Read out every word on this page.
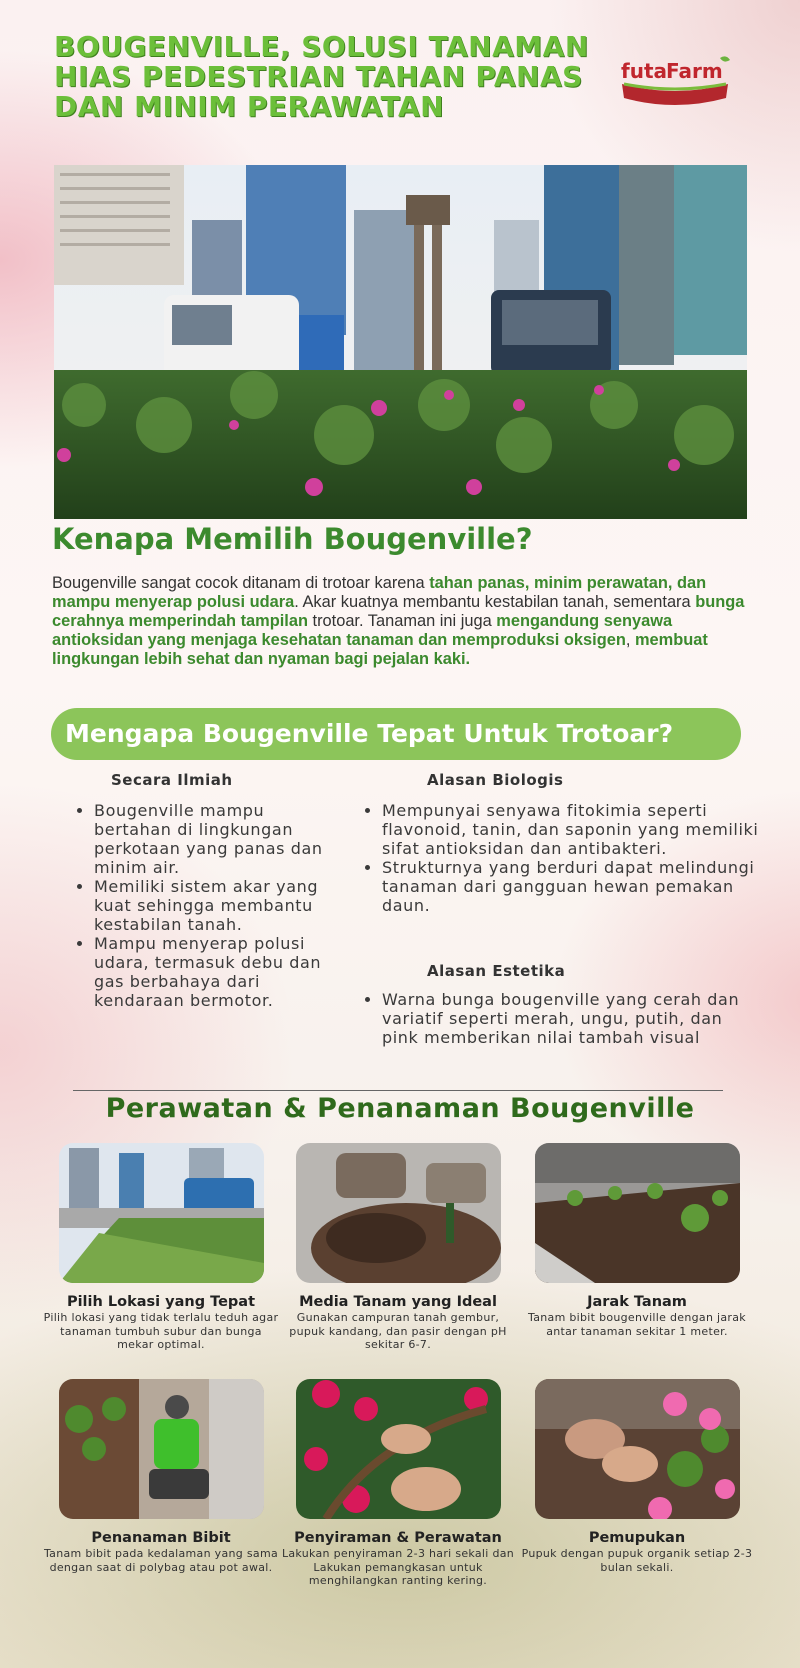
BOUGENVILLE, SOLUSI TANAMAN HIAS PEDESTRIAN TAHAN PANAS DAN MINIM PERAWATAN
futa Farm
Kenapa Memilih Bougenville?

Bougenville sangat cocok ditanam di trotoar karena tahan panas, minim perawatan, dan mampu menyerap polusi udara. Akar kuatnya membantu kestabilan tanah, sementara bunga cerahnya memperindah tampilan trotoar. Tanaman ini juga mengandung senyawa antioksidan yang menjaga kesehatan tanaman dan memproduksi oksigen, membuat lingkungan lebih sehat dan nyaman bagi pejalan kaki.

Mengapa Bougenville Tepat Untuk Trotoar?
Secara Ilmiah
• Bougenville mampu bertahan di lingkungan perkotaan yang panas dan minim air.
• Memiliki sistem akar yang kuat sehingga membantu kestabilan tanah.
• Mampu menyerap polusi udara, termasuk debu dan gas berbahaya dari kendaraan bermotor.
Alasan Biologis
• Mempunyai senyawa fitokimia seperti flavonoid, tanin, dan saponin yang memiliki sifat antioksidan dan antibakteri.
• Strukturnya yang berduri dapat melindungi tanaman dari gangguan hewan pemakan daun.
Alasan Estetika
• Warna bunga bougenville yang cerah dan variatif seperti merah, ungu, putih, dan pink memberikan nilai tambah visual
Perawatan & Penanaman Bougenville

Pilih Lokasi yang Tepat

Pilih lokasi yang tidak terlalu teduh agar tanaman tumbuh subur dan bunga mekar optimal.

Media Tanam yang Ideal

Gunakan campuran tanah gembur, pupuk kandang, dan pasir dengan pH sekitar 6-7.

Jarak Tanam

Tanam bibit bougenville dengan jarak antar tanaman sekitar 1 meter.

Penanaman Bibit

Tanam bibit pada kedalaman yang sama dengan saat di polybag atau pot awal.

Penyiraman & Perawatan

Lakukan penyiraman 2-3 hari sekali dan Lakukan pemangkasan untuk menghilangkan ranting kering.

Pemupukan

Pupuk dengan pupuk organik setiap 2-3 bulan sekali.
